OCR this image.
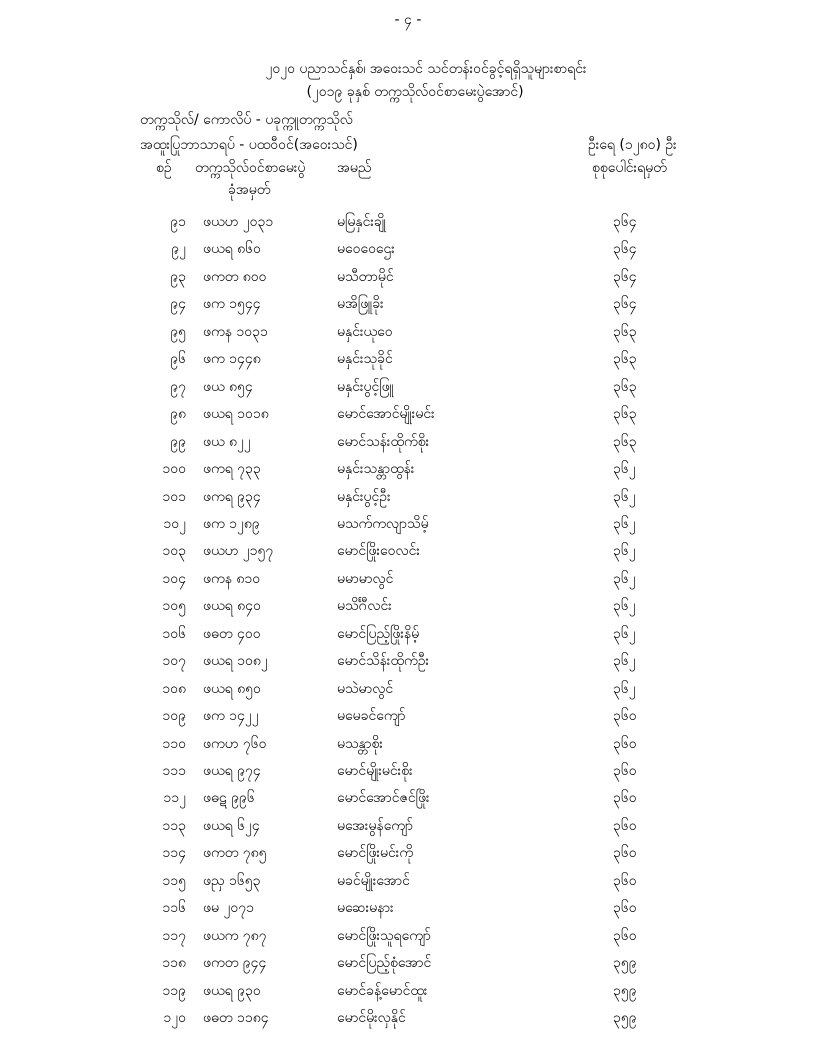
- ၄ -
၂၀၂၀ ပညာသင်နှစ်၊ အဝေးသင် သင်တန်းဝင်ခွင့်ရရှိသူများစာရင်း
(၂၀၁၉ ခုနှစ် တက္ကသိုလ်ဝင်စာမေးပွဲအောင်)
တက္ကသိုလ်/ ကောလိပ် - ပခုက္ကူတက္ကသိုလ်
အထူးပြုဘာသာရပ် - ပထဝီဝင်(အဝေးသင်)	ဦးရေ (၁၂၈၀) ဦး
စဉ် တက္ကသိုလ်ဝင်စာမေးပွဲ
ခုံအမှတ်
အမည်	စုစုပေါင်းရမှတ်
၉၁ ဖယဟ ၂၀၃၁	မမြနှင်းချို	၃၆၄
၉၂ ဖယရ ၈၆၀	မဝေဝေဌေး	၃၆၄
၉၃ ဖကတ ၈၀၀	မသီတာမိုင်	၃၆၄
၉၄ ဖက ၁၅၄၄	မအိဖြူခိုး	၃၆၄
၉၅ ဖကန ၁၀၃၁	မနှင်းယုဝေ	၃၆၃
၉၆ ဖက ၁၄၄၈	မနှင်းသုခိုင်	၃၆၃
၉၇ ဖယ ၈၅၄	မနှင်းပွင့်ဖြူ	၃၆၃
၉၈ ဖယရ ၁၀၁၈	မောင်အောင်မျိုးမင်း	၃၆၃
၉၉ ဖယ ၈၂၂	မောင်သန်းထိုက်စိုး	၃၆၃
၁၀၀ ဖကရ ၇၃၃	မနှင်းသန္တာထွန်း	၃၆၂
၁၀၁ ဖကရ ၉၃၄	မနှင်းပွင့်ဦး	၃၆၂
၁၀၂ ဖက ၁၂၈၉	မသက်ကလျာသိမ့်	၃၆၂
၁၀၃ ဖယဟ ၂၁၅၇	မောင်ဖြိုးဝေလင်း	၃၆၂
၁၀၄ ဖကန ၈၁၀	မမာမာလွင်	၃၆၂
၁၀၅ ဖယရ ၈၄၀	မသိင်္ဂီလင်း	၃၆၂
၁၀၆ ဖဓတ ၄၀၀	မောင်ပြည့်ဖြိုးနိမ့်	၃၆၂
၁၀၇ ဖယရ ၁၀၈၂	မောင်သိန်းထိုက်ဦး	၃၆၂
၁၀၈ ဖယရ ၈၅၀	မသဲမာလွင်	၃၆၂
၁၀၉ ဖက ၁၄၂၂	မမေခင်ကျော်	၃၆၀
၁၁၀ ဖကဟ ၇၆၀	မသန္တာစိုး	၃၆၀
၁၁၁ ဖယရ ၉၇၄	မောင်မျိုးမင်းစိုး	၃၆၀
၁၁၂ ဖဓဋ ၉၉၆	မောင်အောင်ဇင်ဖြိုး	၃၆၀
၁၁၃ ဖယရ ၆၂၄	မအေးမွန်ကျော်	၃၆၀
၁၁၄ ဖကတ ၇၈၅	မောင်ဖြိုးမင်းကို	၃၆၀
၁၁၅ ဖညှ ၁၆၅၃	မခင်မျိုးအောင်	၃၆၀
၁၁၆ ဖမ ၂၀၇၁	မဆေးမနား	၃၆၀
၁၁၇ ဖယက ၇၈၇	မောင်ဖြိုးသူရကျော်	၃၆၀
၁၁၈ ဖကတ ၉၄၄	မောင်ပြည့်စုံအောင်	၃၅၉
၁၁၉ ဖယရ ၉၃၀	မောင်ခန့်မောင်ထူး	၃၅၉
၁၂၀ ဖဓတ ၁၁၈၄	မောင်မိုးလှနိုင်	၃၅၉
